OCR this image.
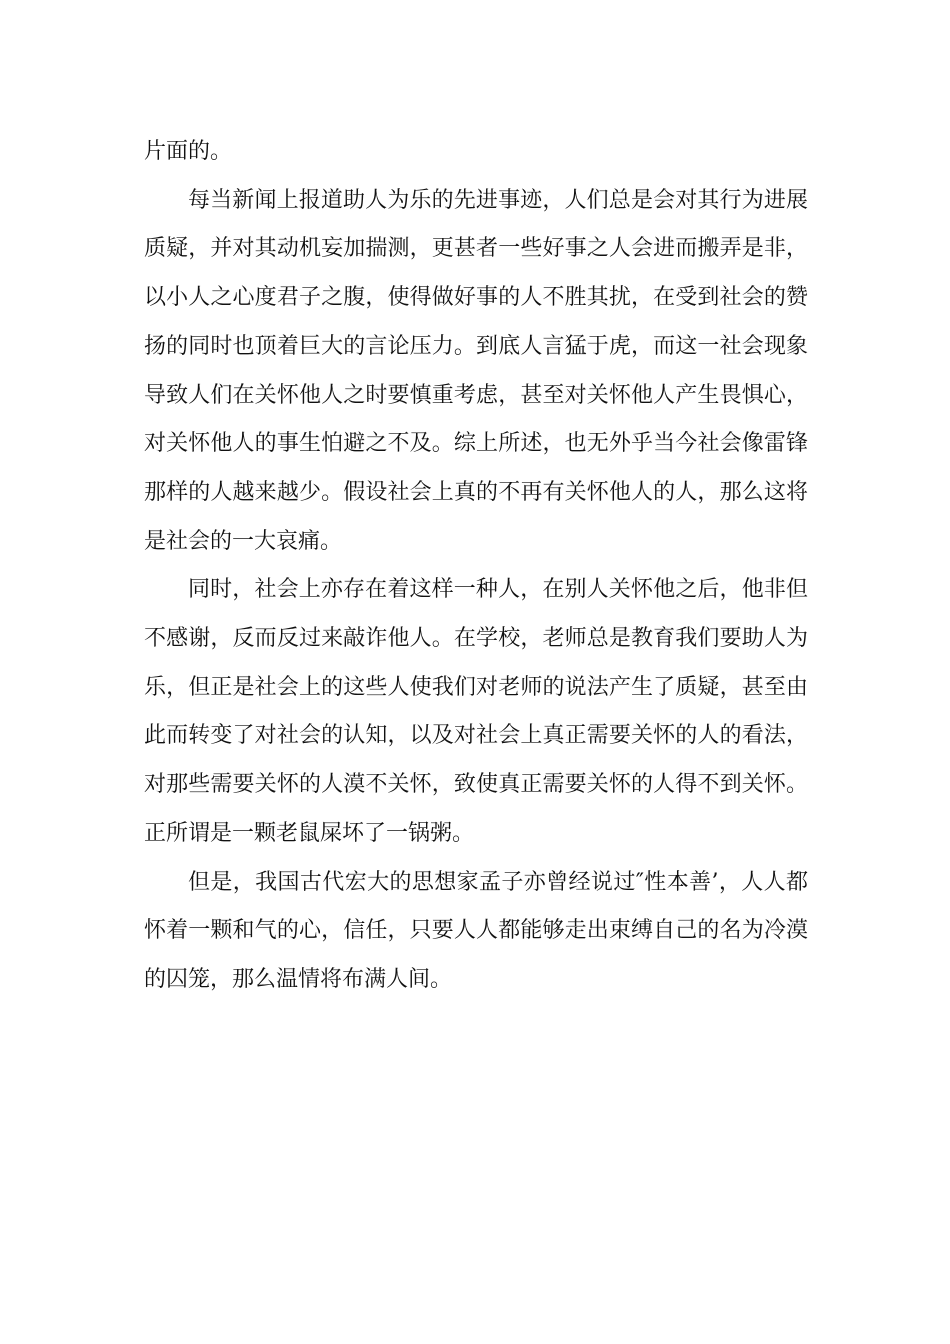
片面的。

每当新闻上报道助人为乐的先进事迹，人们总是会对其行为进展质疑，并对其动机妄加揣测，更甚者一些好事之人会进而搬弄是非，以小人之心度君子之腹，使得做好事的人不胜其扰，在受到社会的赞扬的同时也顶着巨大的言论压力。到底人言猛于虎，而这一社会现象导致人们在关怀他人之时要慎重考虑，甚至对关怀他人产生畏惧心，对关怀他人的事生怕避之不及。综上所述，也无外乎当今社会像雷锋那样的人越来越少。假设社会上真的不再有关怀他人的人，那么这将是社会的一大哀痛。

同时，社会上亦存在着这样一种人，在别人关怀他之后，他非但不感谢，反而反过来敲诈他人。在学校，老师总是教育我们要助人为乐，但正是社会上的这些人使我们对老师的说法产生了质疑，甚至由此而转变了对社会的认知，以及对社会上真正需要关怀的人的看法，对那些需要关怀的人漠不关怀，致使真正需要关怀的人得不到关怀。正所谓是一颗老鼠屎坏了一锅粥。

但是，我国古代宏大的思想家孟子亦曾经说过″性本善’，人人都怀着一颗和气的心，信任，只要人人都能够走出束缚自己的名为冷漠的囚笼，那么温情将布满人间。
